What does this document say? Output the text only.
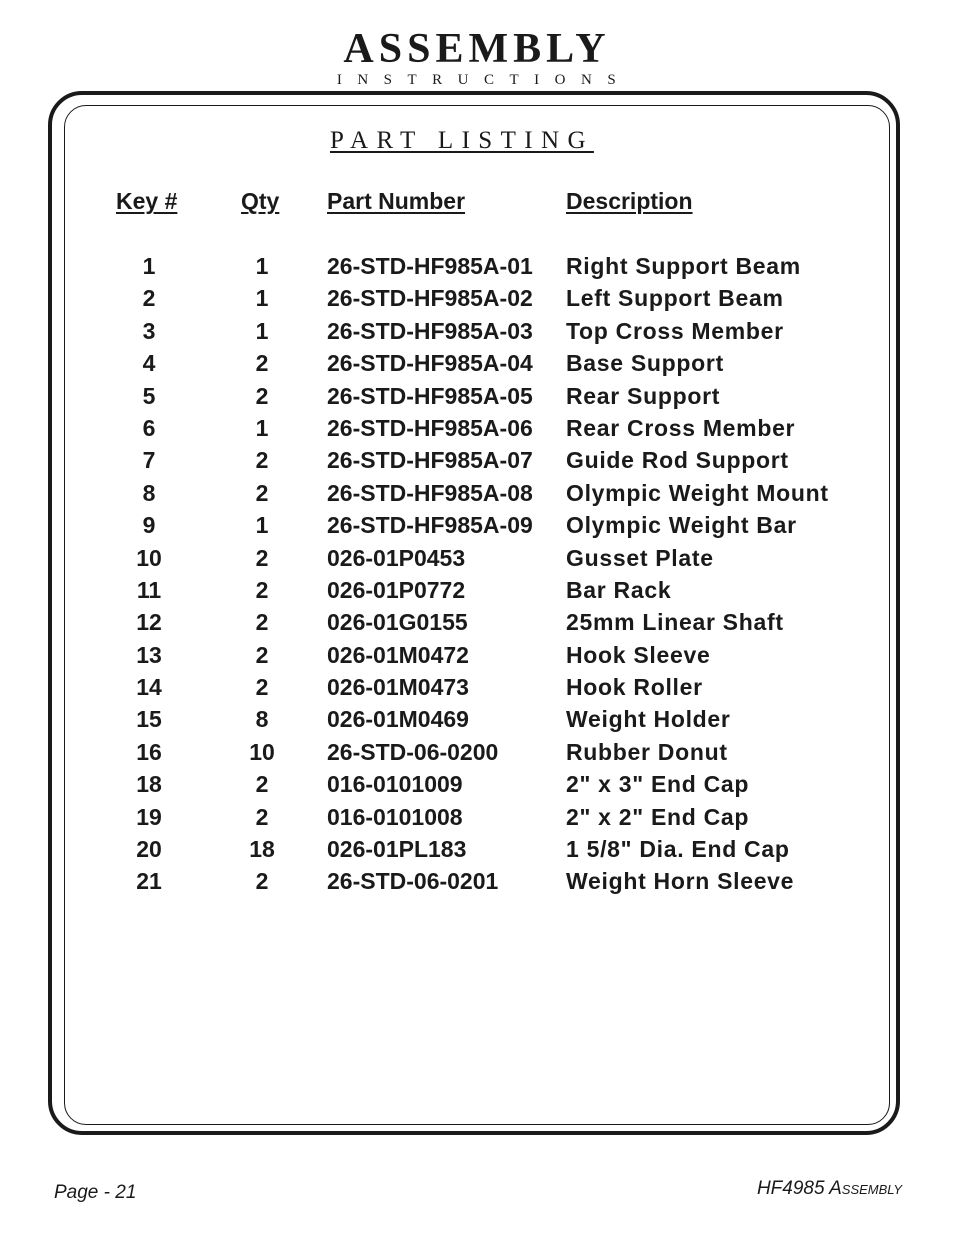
ASSEMBLY
INSTRUCTIONS
PART LISTING
Key #	Qty Part Number	Description
1	1	26-STD-HF985A-01 Right Support Beam
2	1	26-STD-HF985A-02 Left Support Beam
3	1	26-STD-HF985A-03 Top Cross Member
4	2	26-STD-HF985A-04 Base Support
5	2	26-STD-HF985A-05 Rear Support
6	1	26-STD-HF985A-06 Rear Cross Member
7	2	26-STD-HF985A-07 Guide Rod Support
8	2	26-STD-HF985A-08 Olympic Weight Mount
9	1	26-STD-HF985A-09 Olympic Weight Bar
10	2	026-01P0453	Gusset Plate
11	2	026-01P0772	Bar Rack
12	2	026-01G0155	25mm Linear Shaft
13	2	026-01M0472	Hook Sleeve
14	2	026-01M0473	Hook Roller
15	8	026-01M0469	Weight Holder
16	10	26-STD-06-0200	Rubber Donut
18	2	016-0101009	2" x 3" End Cap
19	2	016-0101008	2" x 2" End Cap
20	18	026-01PL183	1 5/8" Dia. End Cap
21	2	26-STD-06-0201	Weight Horn Sleeve
Page - 21	HF4985 Assembly
